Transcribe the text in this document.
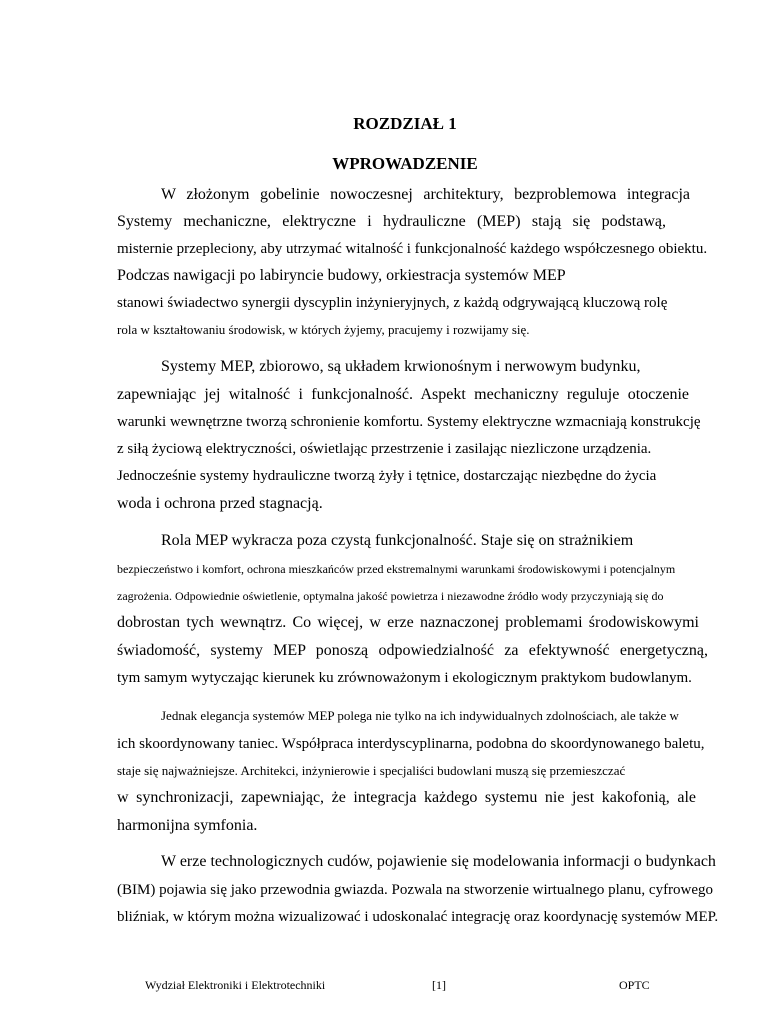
ROZDZIAŁ 1
WPROWADZENIE

W złożonym gobelinie nowoczesnej architektury, bezproblemowa integracja

Systemy mechaniczne, elektryczne i hydrauliczne (MEP) stają się podstawą,

misternie przepleciony, aby utrzymać witalność i funkcjonalność każdego współczesnego obiektu.

Podczas nawigacji po labiryncie budowy, orkiestracja systemów MEP

stanowi świadectwo synergii dyscyplin inżynieryjnych, z każdą odgrywającą kluczową rolę

rola w kształtowaniu środowisk, w których żyjemy, pracujemy i rozwijamy się.

Systemy MEP, zbiorowo, są układem krwionośnym i nerwowym budynku,

zapewniając jej witalność i funkcjonalność. Aspekt mechaniczny reguluje otoczenie

warunki wewnętrzne tworzą schronienie komfortu. Systemy elektryczne wzmacniają konstrukcję

z siłą życiową elektryczności, oświetlając przestrzenie i zasilając niezliczone urządzenia.

Jednocześnie systemy hydrauliczne tworzą żyły i tętnice, dostarczając niezbędne do życia

woda i ochrona przed stagnacją.

Rola MEP wykracza poza czystą funkcjonalność. Staje się on strażnikiem

bezpieczeństwo i komfort, ochrona mieszkańców przed ekstremalnymi warunkami środowiskowymi i potencjalnym

zagrożenia. Odpowiednie oświetlenie, optymalna jakość powietrza i niezawodne źródło wody przyczyniają się do

dobrostan tych wewnątrz. Co więcej, w erze naznaczonej problemami środowiskowymi

świadomość, systemy MEP ponoszą odpowiedzialność za efektywność energetyczną,

tym samym wytyczając kierunek ku zrównoważonym i ekologicznym praktykom budowlanym.

Jednak elegancja systemów MEP polega nie tylko na ich indywidualnych zdolnościach, ale także w

ich skoordynowany taniec. Współpraca interdyscyplinarna, podobna do skoordynowanego baletu,

staje się najważniejsze. Architekci, inżynierowie i specjaliści budowlani muszą się przemieszczać

w synchronizacji, zapewniając, że integracja każdego systemu nie jest kakofonią, ale

harmonijna symfonia.

W erze technologicznych cudów, pojawienie się modelowania informacji o budynkach

(BIM) pojawia się jako przewodnia gwiazda. Pozwala na stworzenie wirtualnego planu, cyfrowego

bliźniak, w którym można wizualizować i udoskonalać integrację oraz koordynację systemów MEP.

Wydział Elektroniki i Elektrotechniki	[1]	OPTC
